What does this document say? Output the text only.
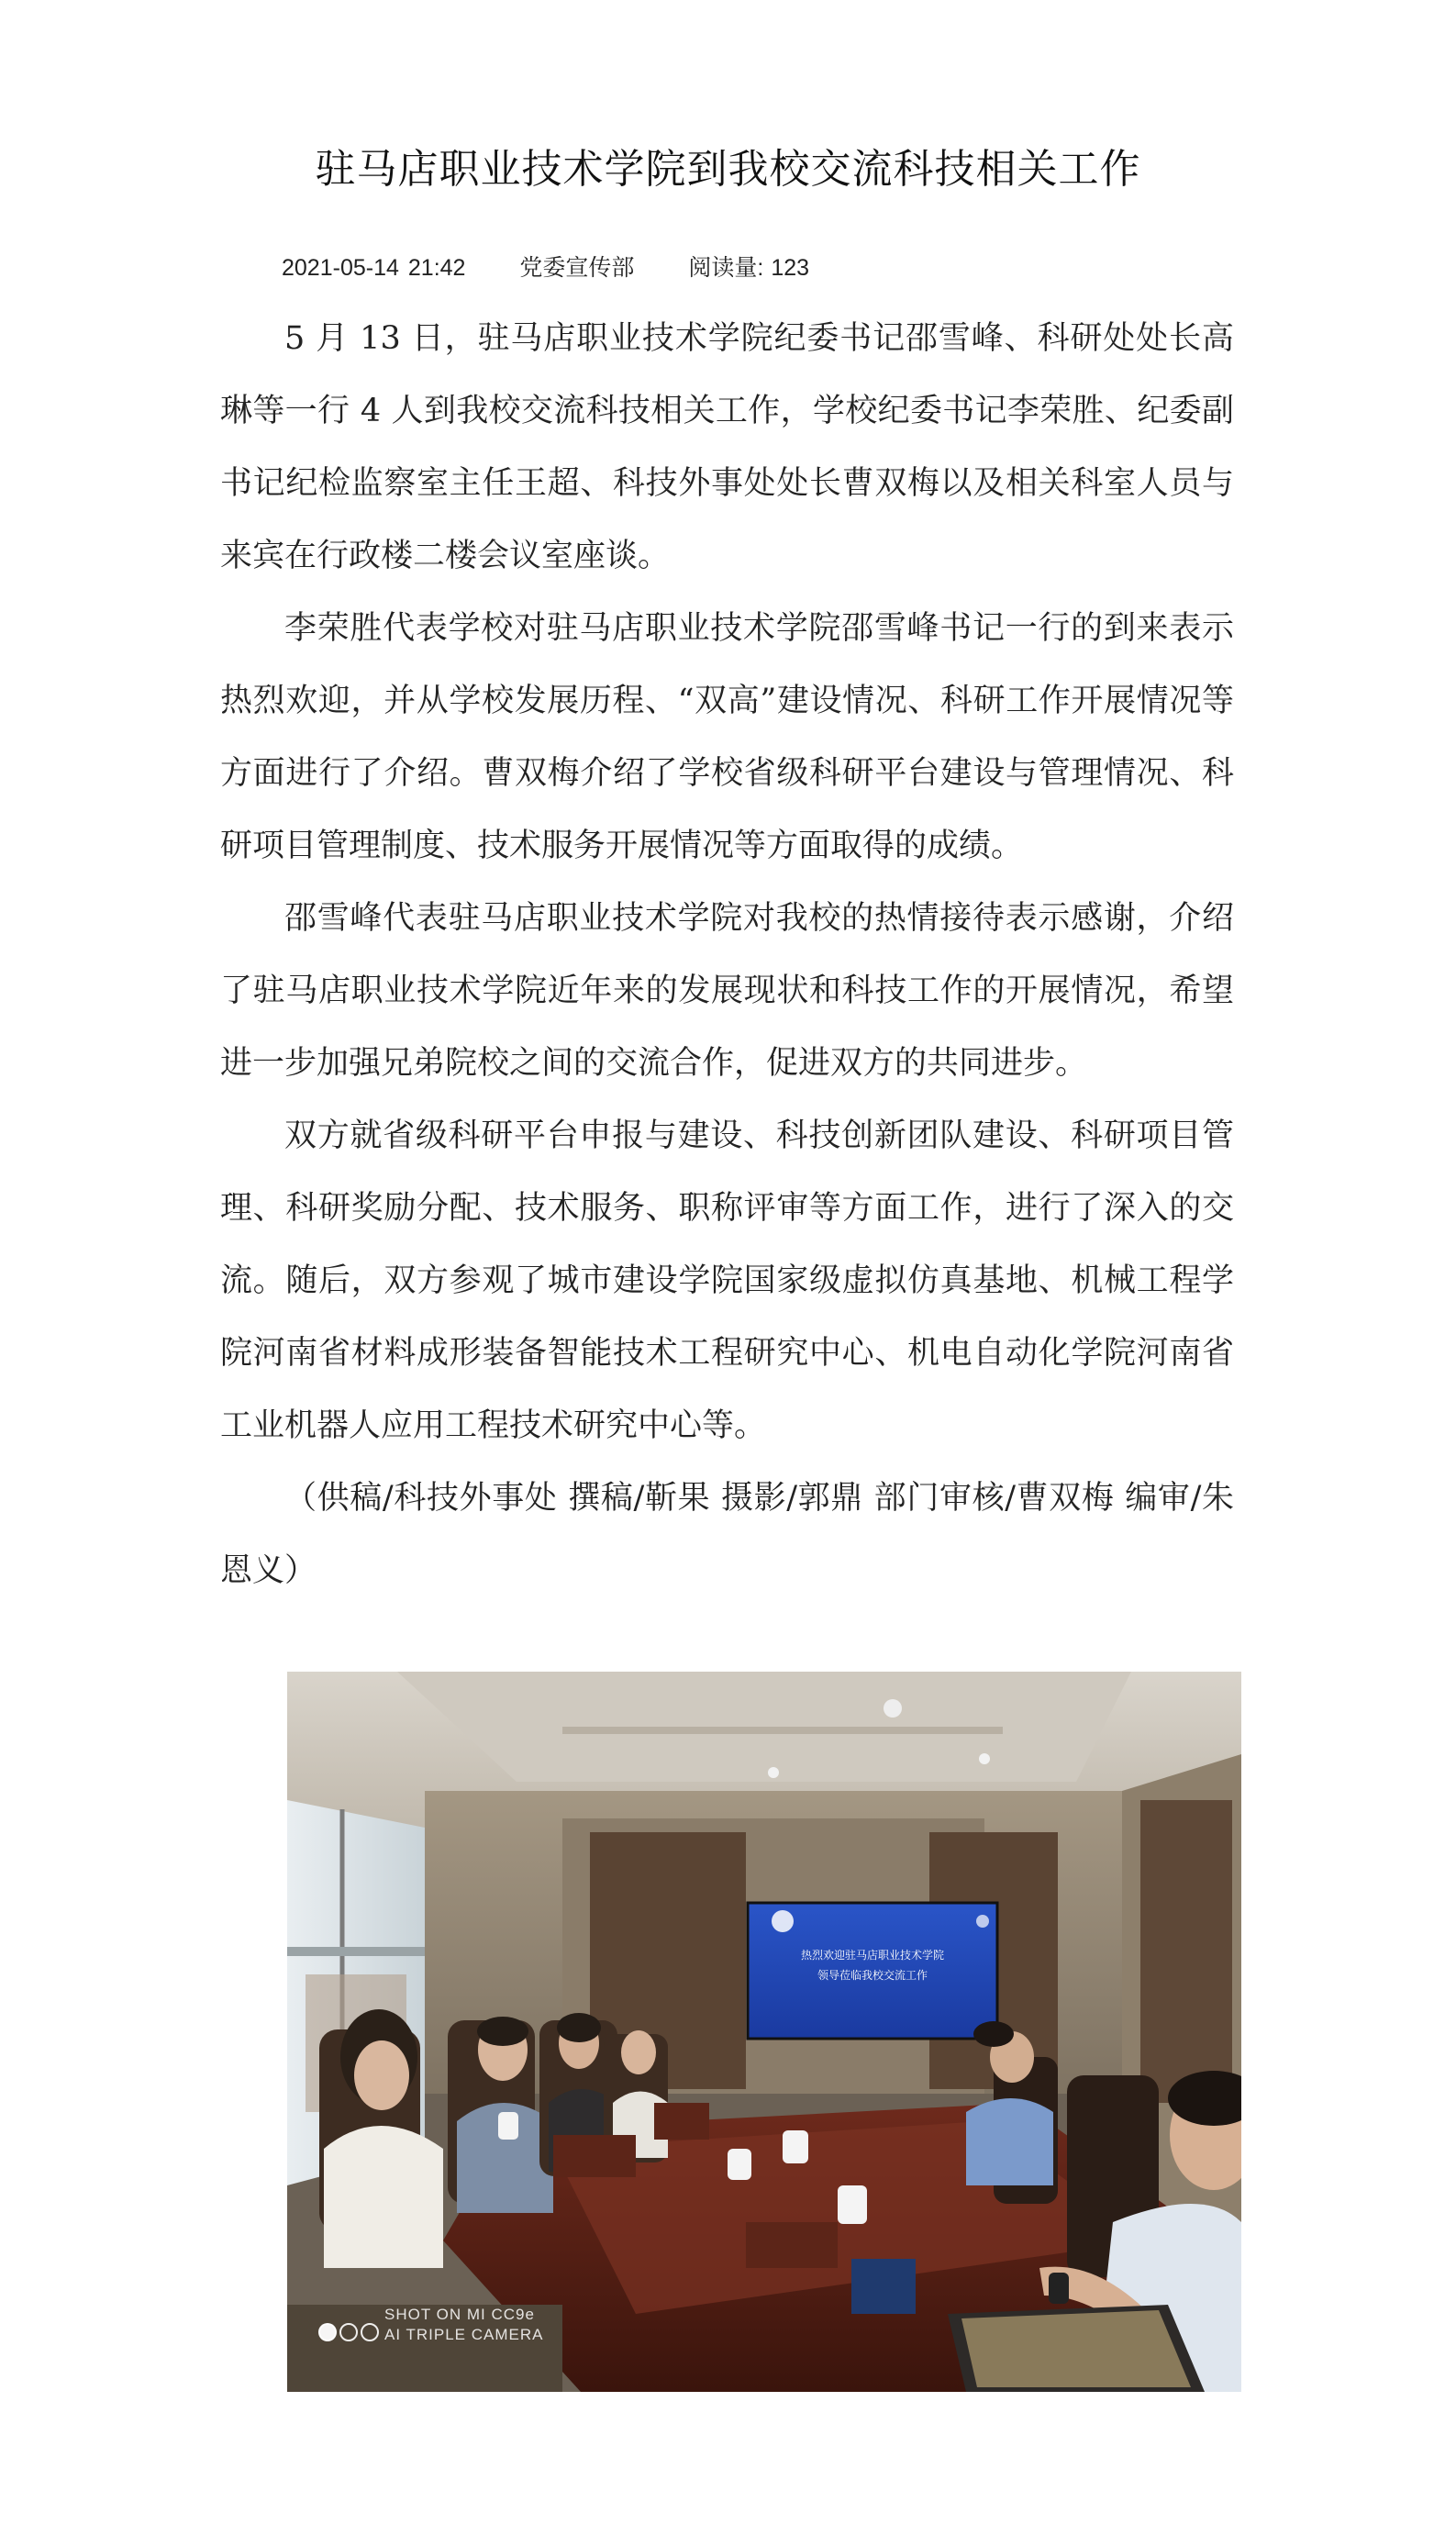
驻马店职业技术学院到我校交流科技相关工作
2021-05-14 21:42 党委宣传部 阅读量: 123

5 月 13 日，驻马店职业技术学院纪委书记邵雪峰、科研处处长高琳等一行 4 人到我校交流科技相关工作，学校纪委书记李荣胜、纪委副书记纪检监察室主任王超、科技外事处处长曹双梅以及相关科室人员与来宾在行政楼二楼会议室座谈。

李荣胜代表学校对驻马店职业技术学院邵雪峰书记一行的到来表示热烈欢迎，并从学校发展历程、“双高”建设情况、科研工作开展情况等方面进行了介绍。曹双梅介绍了学校省级科研平台建设与管理情况、科研项目管理制度、技术服务开展情况等方面取得的成绩。

邵雪峰代表驻马店职业技术学院对我校的热情接待表示感谢，介绍了驻马店职业技术学院近年来的发展现状和科技工作的开展情况，希望进一步加强兄弟院校之间的交流合作，促进双方的共同进步。

双方就省级科研平台申报与建设、科技创新团队建设、科研项目管理、科研奖励分配、技术服务、职称评审等方面工作，进行了深入的交流。随后，双方参观了城市建设学院国家级虚拟仿真基地、机械工程学院河南省材料成形装备智能技术工程研究中心、机电自动化学院河南省工业机器人应用工程技术研究中心等。

（供稿/科技外事处 撰稿/靳果 摄影/郭鼎 部门审核/曹双梅 编审/朱恩义）

热烈欢迎驻马店职业技术学院
领导莅临我校交流工作
SHOT ON MI CC9e
AI TRIPLE CAMERA
